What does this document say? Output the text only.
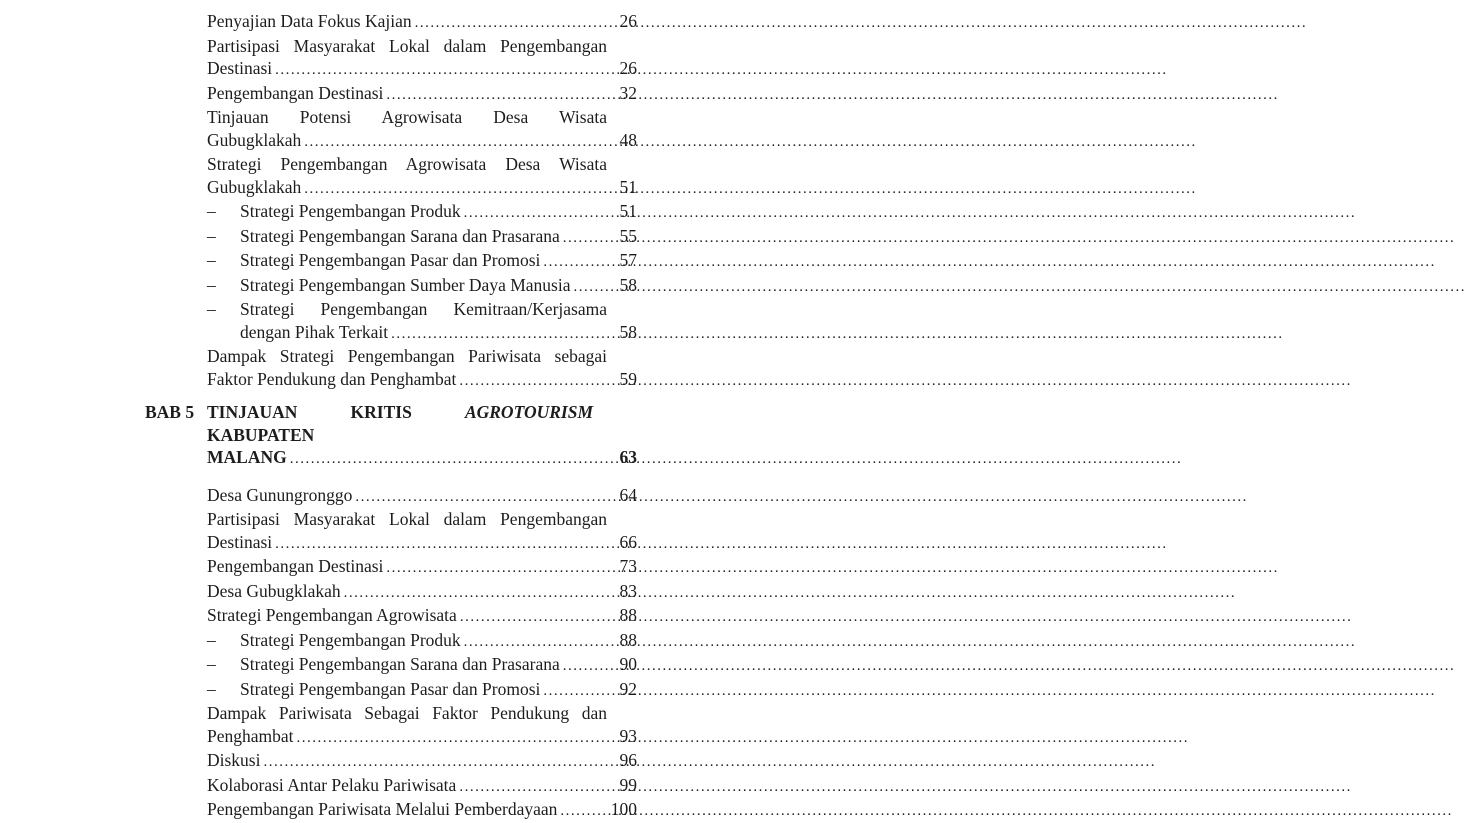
Penyajian Data Fokus Kajian .....	26
Partisipasi Masyarakat Lokal dalam Pengembangan
Destinasi .....	26
Pengembangan Destinasi .....	32
Tinjauan Potensi Agrowisata Desa Wisata
Gubugklakah .....	48
Strategi Pengembangan Agrowisata Desa Wisata
Gubugklakah .....	51
– Strategi Pengembangan Produk .....	51
– Strategi Pengembangan Sarana dan Prasarana .....	55
– Strategi Pengembangan Pasar dan Promosi .....	57
– Strategi Pengembangan Sumber Daya Manusia .....	58
– Strategi Pengembangan Kemitraan/Kerjasama
dengan Pihak Terkait .....	58
Dampak Strategi Pengembangan Pariwisata sebagai
Faktor Pendukung dan Penghambat .....	59
BAB 5 TINJAUAN KRITIS	AGROTOURISM KABUPATEN
MALANG .....	63
Desa Gunungronggo .....	64
Partisipasi Masyarakat Lokal dalam Pengembangan
Destinasi .....	66
Pengembangan Destinasi .....	73
Desa Gubugklakah .....	83
Strategi Pengembangan Agrowisata .....	88
– Strategi Pengembangan Produk .....	88
– Strategi Pengembangan Sarana dan Prasarana .....	90
– Strategi Pengembangan Pasar dan Promosi .....	92
Dampak Pariwisata Sebagai Faktor Pendukung dan
Penghambat .....	93
Diskusi .....	96
Kolaborasi Antar Pelaku Pariwisata .....	99
Pengembangan Pariwisata Melalui Pemberdayaan .....	100
